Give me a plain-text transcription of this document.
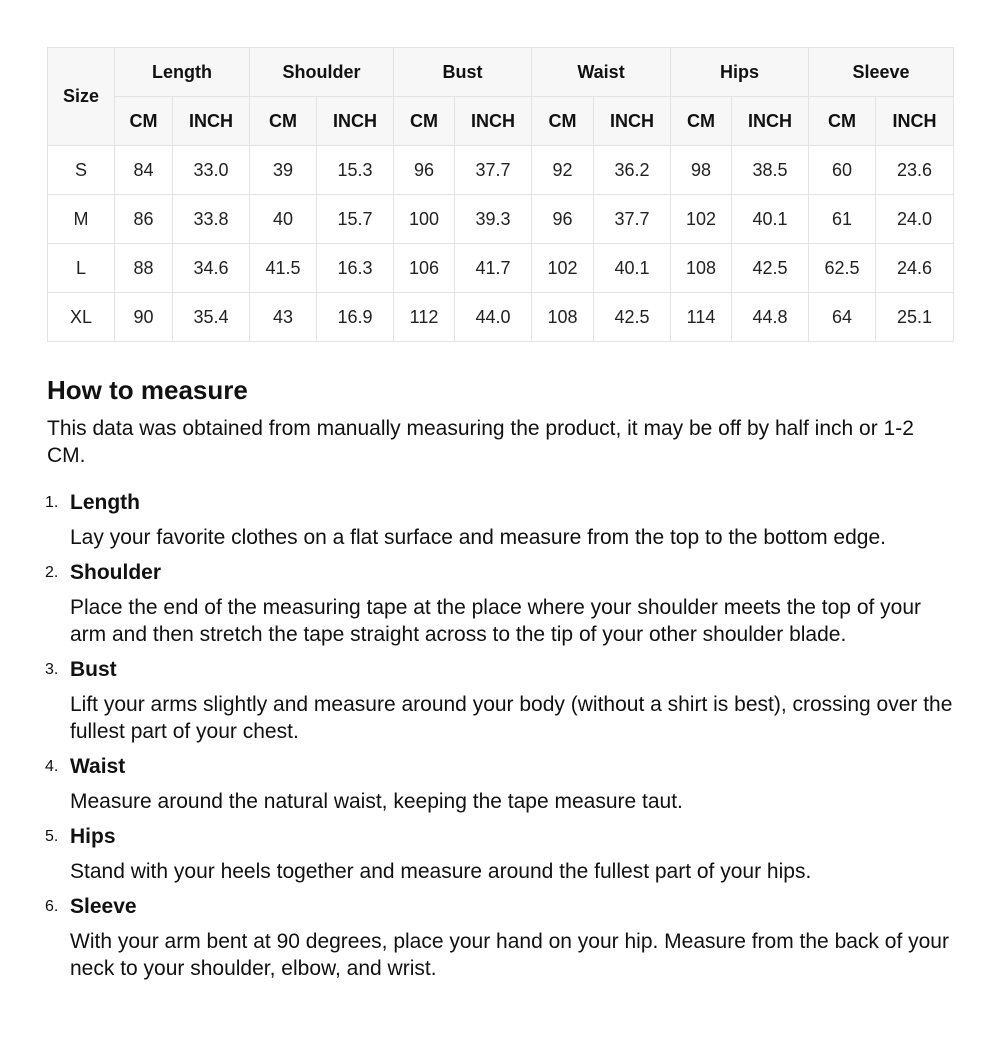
Size	Length		Shoulder		Bust		Waist		Hips		Sleeve	
	CM	INCH	CM	INCH	CM	INCH	CM	INCH	CM	INCH	CM	INCH
S	84	33.0	39	15.3	96	37.7	92	36.2	98	38.5	60	23.6
M	86	33.8	40	15.7	100	39.3	96	37.7	102	40.1	61	24.0
L	88	34.6	41.5	16.3	106	41.7	102	40.1	108	42.5	62.5	24.6
XL	90	35.4	43	16.9	112	44.0	108	42.5	114	44.8	64	25.1
How to measure

This data was obtained from manually measuring the product, it may be off by half inch or 1-2 CM.

1. Length
Lay your favorite clothes on a flat surface and measure from the top to the bottom edge.
2. Shoulder
Place the end of the measuring tape at the place where your shoulder meets the top of your arm and then stretch the tape straight across to the tip of your other shoulder blade.
3. Bust
Lift your arms slightly and measure around your body (without a shirt is best), crossing over the fullest part of your chest.
4. Waist
Measure around the natural waist, keeping the tape measure taut.
5. Hips
Stand with your heels together and measure around the fullest part of your hips.
6. Sleeve
With your arm bent at 90 degrees, place your hand on your hip. Measure from the back of your neck to your shoulder, elbow, and wrist.
